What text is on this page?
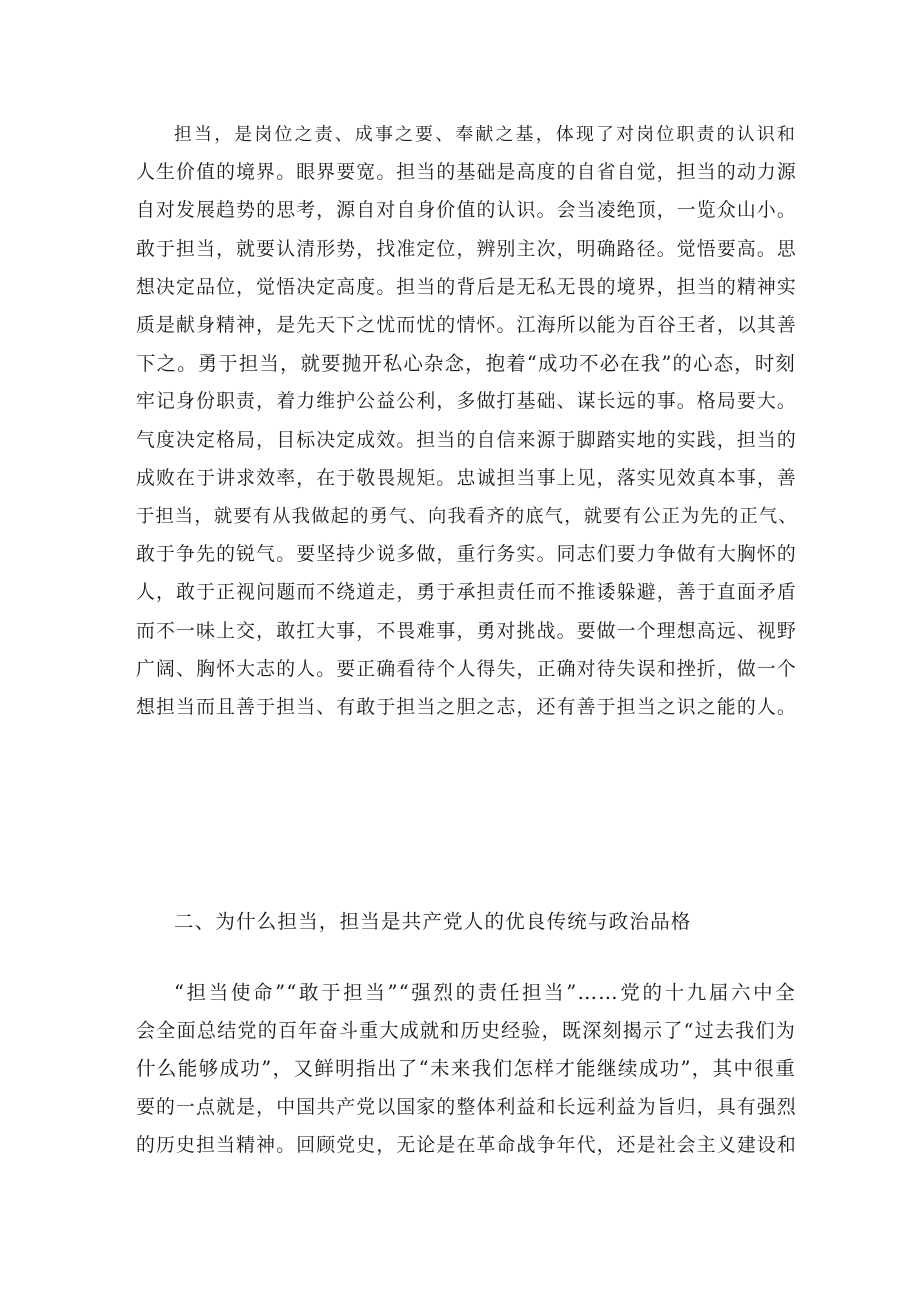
担当，是岗位之责、成事之要、奉献之基，体现了对岗位职责的认识和
人生价值的境界。眼界要宽。担当的基础是高度的自省自觉，担当的动力源
自对发展趋势的思考，源自对自身价值的认识。会当凌绝顶，一览众山小。
敢于担当，就要认清形势，找准定位，辨别主次，明确路径。觉悟要高。思
想决定品位，觉悟决定高度。担当的背后是无私无畏的境界，担当的精神实
质是献身精神，是先天下之忧而忧的情怀。江海所以能为百谷王者，以其善
下之。勇于担当，就要抛开私心杂念，抱着“成功不必在我”的心态，时刻
牢记身份职责，着力维护公益公利，多做打基础、谋长远的事。格局要大。
气度决定格局，目标决定成效。担当的自信来源于脚踏实地的实践，担当的
成败在于讲求效率，在于敬畏规矩。忠诚担当事上见，落实见效真本事，善
于担当，就要有从我做起的勇气、向我看齐的底气，就要有公正为先的正气、
敢于争先的锐气。要坚持少说多做，重行务实。同志们要力争做有大胸怀的
人，敢于正视问题而不绕道走，勇于承担责任而不推诿躲避，善于直面矛盾
而不一味上交，敢扛大事，不畏难事，勇对挑战。要做一个理想高远、视野
广阔、胸怀大志的人。要正确看待个人得失，正确对待失误和挫折，做一个
想担当而且善于担当、有敢于担当之胆之志，还有善于担当之识之能的人。

二、为什么担当，担当是共产党人的优良传统与政治品格

“担当使命”“敢于担当”“强烈的责任担当”……党的十九届六中全
会全面总结党的百年奋斗重大成就和历史经验，既深刻揭示了“过去我们为
什么能够成功”，又鲜明指出了“未来我们怎样才能继续成功”，其中很重
要的一点就是，中国共产党以国家的整体利益和长远利益为旨归，具有强烈
的历史担当精神。回顾党史，无论是在革命战争年代，还是社会主义建设和
